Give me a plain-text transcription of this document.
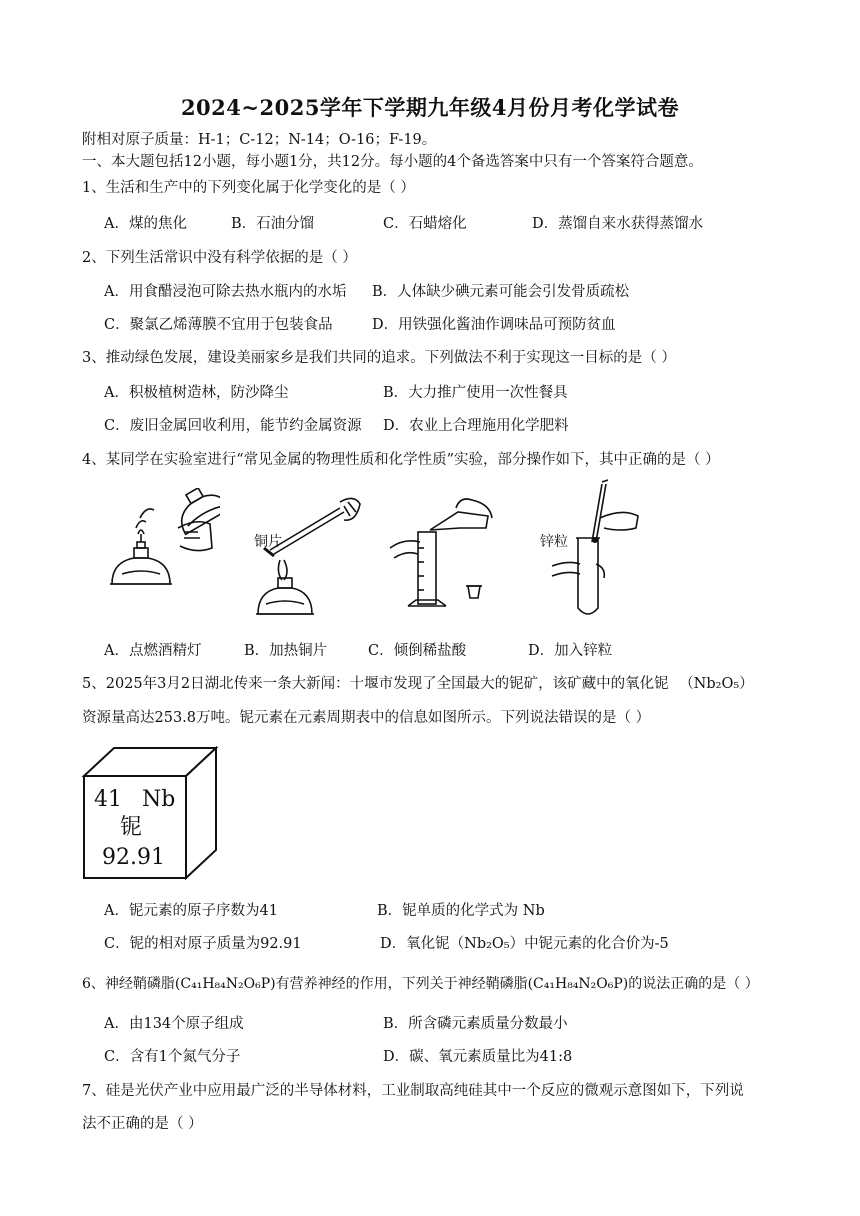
2024~2025学年下学期九年级4月份月考化学试卷
附相对原子质量：H-1；C-12；N-14；O-16；F-19。
一、本大题包括12小题，每小题1分，共12分。每小题的4个备选答案中只有一个答案符合题意。
1、生活和生产中的下列变化属于化学变化的是（ ）
A．煤的焦化	B．石油分馏	C．石蜡熔化	D．蒸馏自来水获得蒸馏水
2、下列生活常识中没有科学依据的是（ ）
A．用食醋浸泡可除去热水瓶内的水垢 B．人体缺少碘元素可能会引发骨质疏松
C．聚氯乙烯薄膜不宜用于包装食品	D．用铁强化酱油作调味品可预防贫血
3、推动绿色发展，建设美丽家乡是我们共同的追求。下列做法不利于实现这一目标的是（ ）
A．积极植树造林，防沙降尘	B．大力推广使用一次性餐具
C．废旧金属回收利用，能节约金属资源 D．农业上合理施用化学肥料
4、某同学在实验室进行“常见金属的物理性质和化学性质”实验，部分操作如下，其中正确的是（ ）
铜片	锌粒
A．点燃酒精灯	B．加热铜片	C．倾倒稀盐酸	D．加入锌粒
5、2025年3月2日湖北传来一条大新闻：十堰市发现了全国最大的铌矿，该矿藏中的氧化铌 （Nb₂O₅）
资源量高达253.8万吨。铌元素在元素周期表中的信息如图所示。下列说法错误的是（ ）
41 Nb
铌
92.91
A．铌元素的原子序数为41	B．铌单质的化学式为 Nb
C．铌的相对原子质量为92.91	D．氧化铌（Nb₂O₅）中铌元素的化合价为-5
6、神经鞘磷脂(C₄₁H₈₄N₂O₆P)有营养神经的作用，下列关于神经鞘磷脂(C₄₁H₈₄N₂O₆P)的说法正确的是（ ）
A．由134个原子组成	B．所含磷元素质量分数最小
C．含有1个氮气分子	D．碳、氧元素质量比为41:8
7、硅是光伏产业中应用最广泛的半导体材料，工业制取高纯硅其中一个反应的微观示意图如下，下列说
法不正确的是（ ）
